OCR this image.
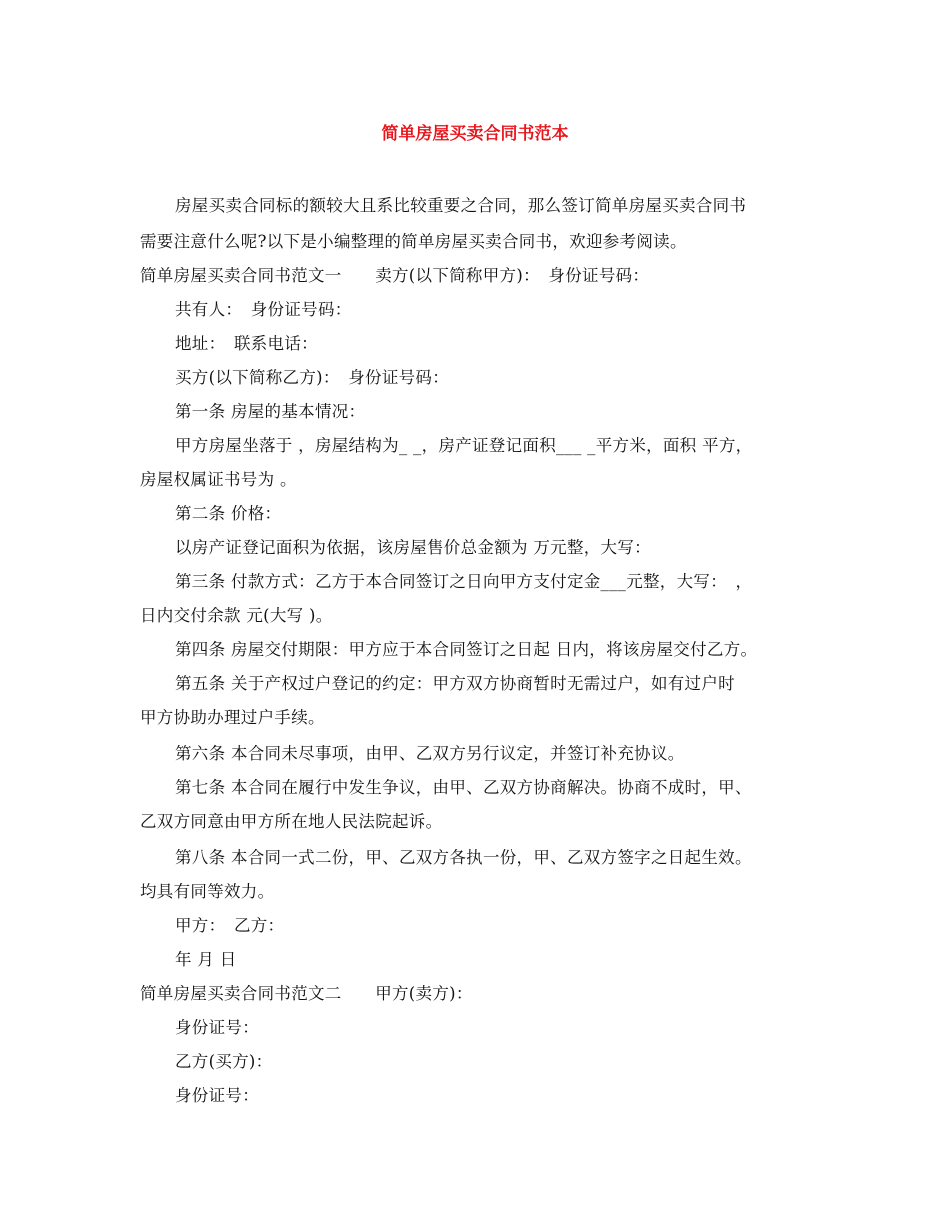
简单房屋买卖合同书范本
房屋买卖合同标的额较大且系比较重要之合同，那么签订简单房屋买卖合同书
需要注意什么呢?以下是小编整理的简单房屋买卖合同书，欢迎参考阅读。
简单房屋买卖合同书范文一　　卖方(以下简称甲方)：　身份证号码：
共有人：　身份证号码：
地址：　联系电话：
买方(以下简称乙方)：　身份证号码：
第一条 房屋的基本情况：
甲方房屋坐落于 ，房屋结构为_ _，房产证登记面积___ _平方米，面积 平方，
房屋权属证书号为 。
第二条 价格：
以房产证登记面积为依据，该房屋售价总金额为 万元整，大写：
第三条 付款方式：乙方于本合同签订之日向甲方支付定金___元整，大写：　，
日内交付余款 元(大写 )。
第四条 房屋交付期限：甲方应于本合同签订之日起 日内，将该房屋交付乙方。
第五条 关于产权过户登记的约定：甲方双方协商暂时无需过户，如有过户时
甲方协助办理过户手续。
第六条 本合同未尽事项，由甲、乙双方另行议定，并签订补充协议。
第七条 本合同在履行中发生争议，由甲、乙双方协商解决。协商不成时，甲、
乙双方同意由甲方所在地人民法院起诉。
第八条 本合同一式二份，甲、乙双方各执一份，甲、乙双方签字之日起生效。
均具有同等效力。
甲方：　乙方：
年 月 日
简单房屋买卖合同书范文二　　甲方(卖方)：
身份证号：
乙方(买方)：
身份证号：
